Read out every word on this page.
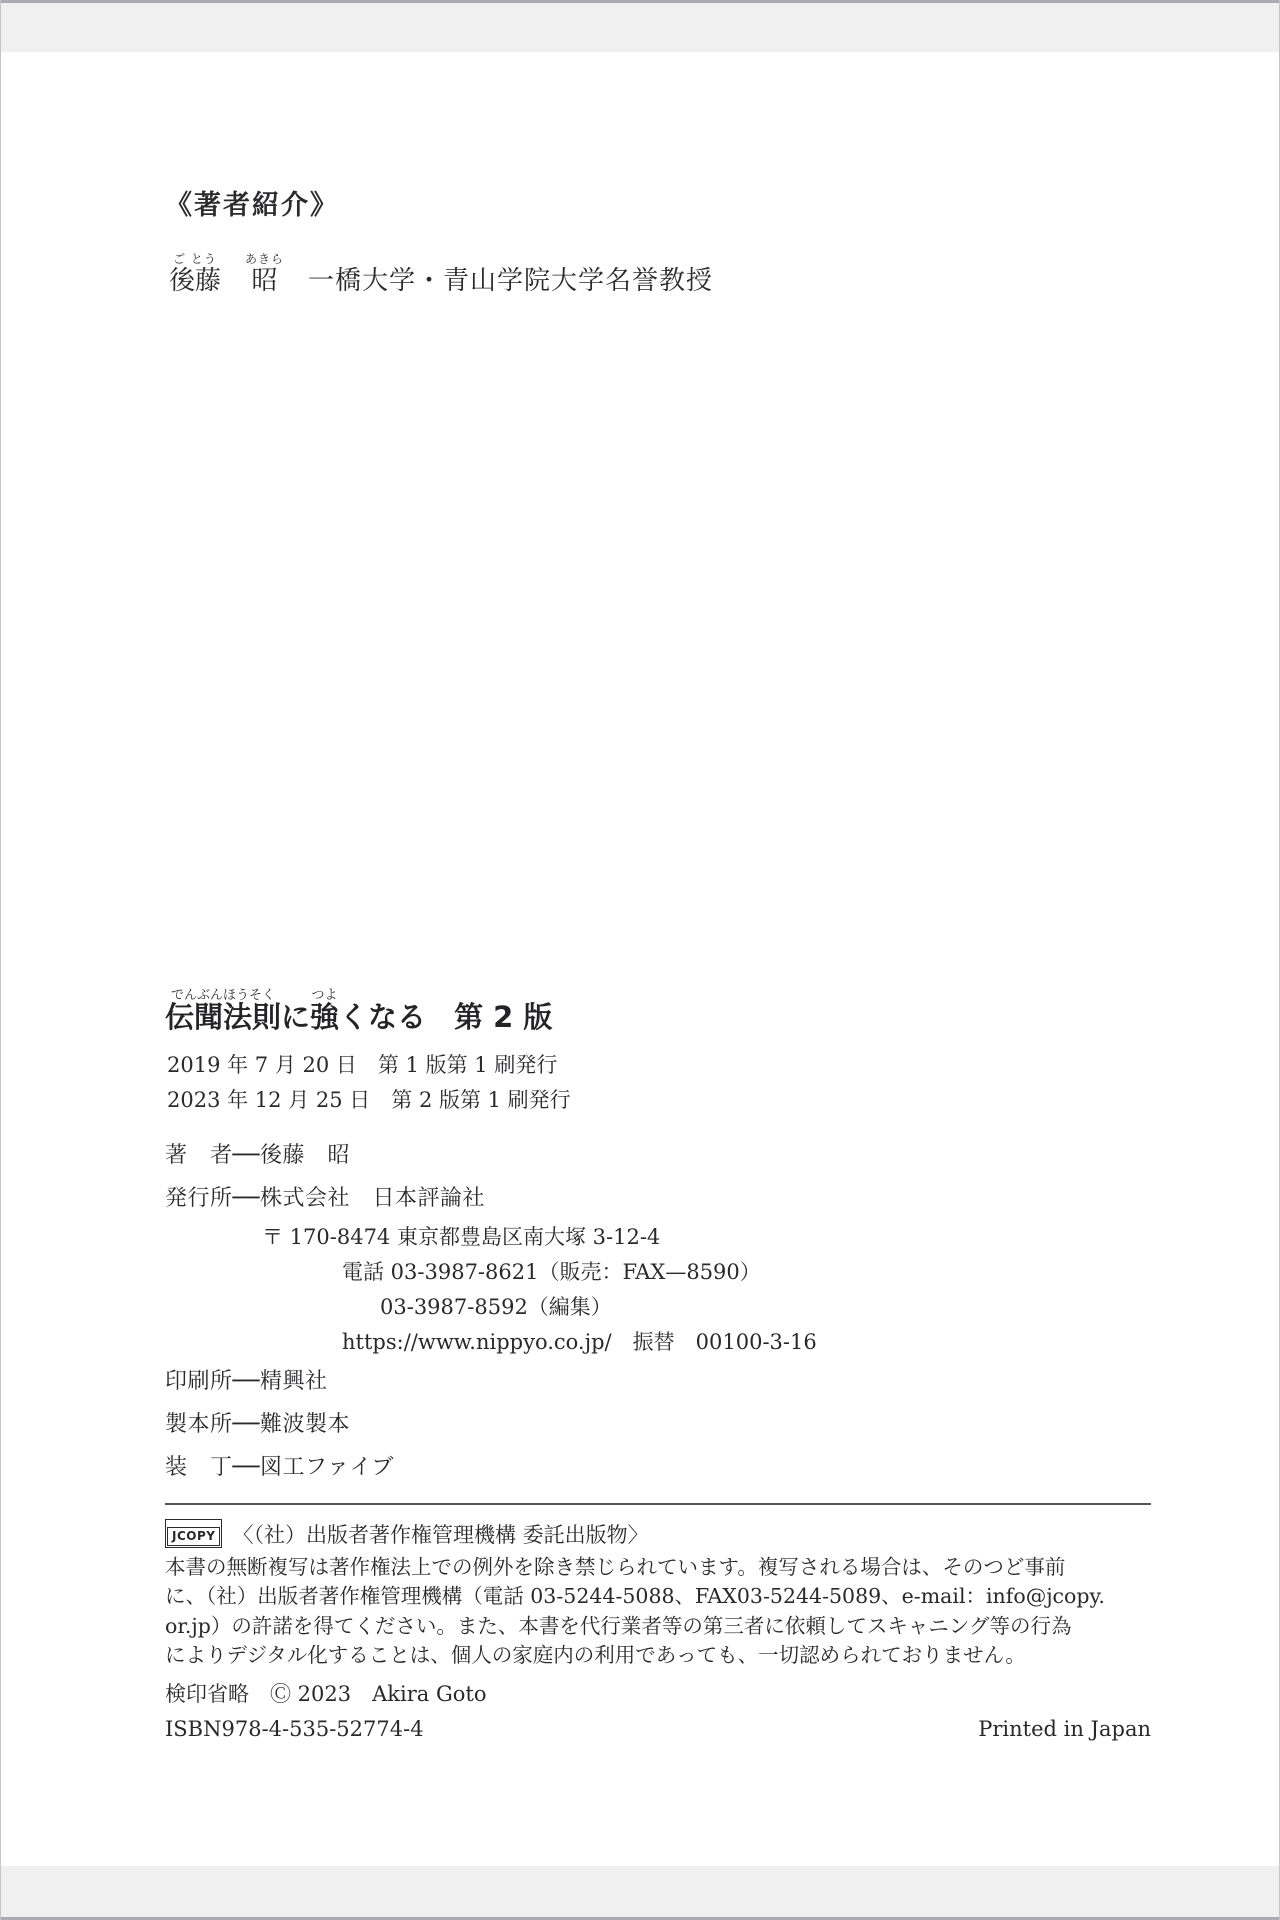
《著者紹介》
後藤ご とう昭あきら一橋大学・青山学院大学名誉教授
伝聞法則でんぶんほうそくに強つよくなる 第 2 版
2019 年 7 月 20 日　第 1 版第 1 刷発行
2023 年 12 月 25 日　第 2 版第 1 刷発行
著　者──後藤　昭
発行所──株式会社　日本評論社
〒 170-8474 東京都豊島区南大塚 3-12-4
電話 03-3987-8621（販売：FAX—8590）
03-3987-8592（編集）
https://www.nippyo.co.jp/　振替　00100-3-16
印刷所──精興社
製本所──難波製本
装　丁──図工ファイブ
JCOPY 〈（社）出版者著作権管理機構 委託出版物〉
本書の無断複写は著作権法上での例外を除き禁じられています。複写される場合は、そのつど事前
に、（社）出版者著作権管理機構（電話 03-5244-5088、FAX03-5244-5089、e-mail：info@jcopy.
or.jp）の許諾を得てください。また、本書を代行業者等の第三者に依頼してスキャニング等の行為
によりデジタル化することは、個人の家庭内の利用であっても、一切認められておりません。
検印省略　Ⓒ 2023　Akira Goto
ISBN978-4-535-52774-4	Printed in Japan
